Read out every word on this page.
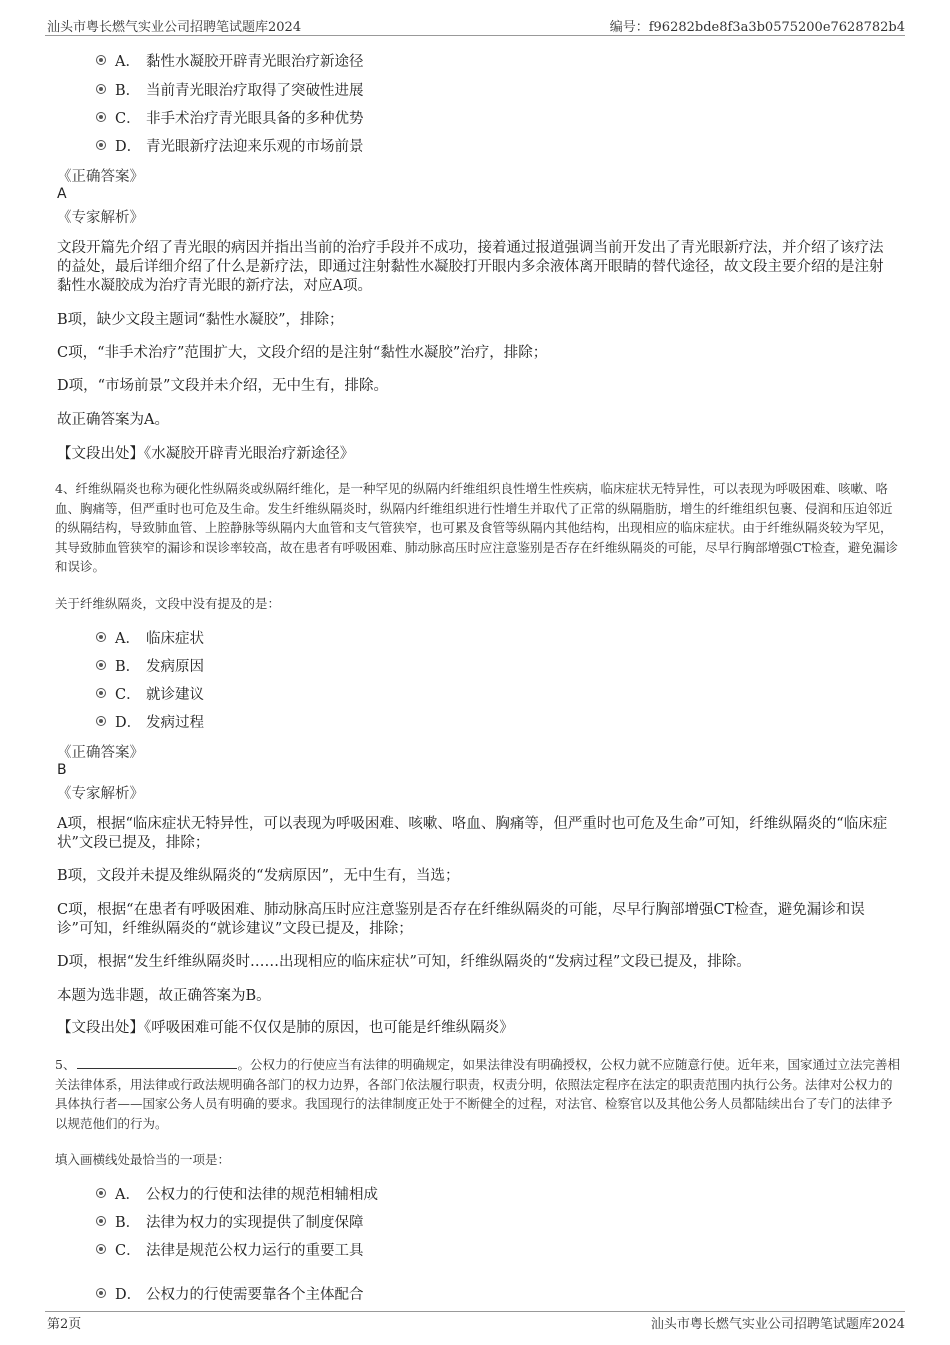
汕头市粤长燃气实业公司招聘笔试题库2024	编号：f96282bde8f3a3b0575200e7628782b4
A． 黏性水凝胶开辟青光眼治疗新途径
B． 当前青光眼治疗取得了突破性进展
C． 非手术治疗青光眼具备的多种优势
D． 青光眼新疗法迎来乐观的市场前景
《正确答案》
A
《专家解析》
文段开篇先介绍了青光眼的病因并指出当前的治疗手段并不成功，接着通过报道强调当前开发出了青光眼新疗法，并介绍了该疗法的益处，最后详细介绍了什么是新疗法，即通过注射黏性水凝胶打开眼内多余液体离开眼睛的替代途径，故文段主要介绍的是注射黏性水凝胶成为治疗青光眼的新疗法，对应A项。
B项，缺少文段主题词“黏性水凝胶”，排除；
C项，“非手术治疗”范围扩大，文段介绍的是注射“黏性水凝胶”治疗，排除；
D项，“市场前景”文段并未介绍，无中生有，排除。
故正确答案为A。
【文段出处】《水凝胶开辟青光眼治疗新途径》
4、纤维纵隔炎也称为硬化性纵隔炎或纵隔纤维化，是一种罕见的纵隔内纤维组织良性增生性疾病，临床症状无特异性，可以表现为呼吸困难、咳嗽、咯血、胸痛等，但严重时也可危及生命。发生纤维纵隔炎时，纵隔内纤维组织进行性增生并取代了正常的纵隔脂肪，增生的纤维组织包裹、侵润和压迫邻近的纵隔结构，导致肺血管、上腔静脉等纵隔内大血管和支气管狭窄，也可累及食管等纵隔内其他结构，出现相应的临床症状。由于纤维纵隔炎较为罕见，其导致肺血管狭窄的漏诊和误诊率较高，故在患者有呼吸困难、肺动脉高压时应注意鉴别是否存在纤维纵隔炎的可能，尽早行胸部增强CT检查，避免漏诊和误诊。
关于纤维纵隔炎，文段中没有提及的是：
A． 临床症状
B． 发病原因
C． 就诊建议
D． 发病过程
《正确答案》
B
《专家解析》
A项，根据“临床症状无特异性，可以表现为呼吸困难、咳嗽、咯血、胸痛等，但严重时也可危及生命”可知，纤维纵隔炎的“临床症状”文段已提及，排除；
B项，文段并未提及维纵隔炎的“发病原因”，无中生有，当选；
C项，根据“在患者有呼吸困难、肺动脉高压时应注意鉴别是否存在纤维纵隔炎的可能，尽早行胸部增强CT检查，避免漏诊和误诊”可知，纤维纵隔炎的“就诊建议”文段已提及，排除；
D项，根据“发生纤维纵隔炎时……出现相应的临床症状”可知，纤维纵隔炎的“发病过程”文段已提及，排除。
本题为选非题，故正确答案为B。
【文段出处】《呼吸困难可能不仅仅是肺的原因，也可能是纤维纵隔炎》
5、	。公权力的行使应当有法律的明确规定，如果法律没有明确授权，公权力就不应随意行使。近年来，国家通过立法完善相关法律体系，用法律或行政法规明确各部门的权力边界，各部门依法履行职责，权责分明，依照法定程序在法定的职责范围内执行公务。法律对公权力的具体执行者——国家公务人员有明确的要求。我国现行的法律制度正处于不断健全的过程，对法官、检察官以及其他公务人员都陆续出台了专门的法律予以规范他们的行为。
填入画横线处最恰当的一项是：
A． 公权力的行使和法律的规范相辅相成
B． 法律为权力的实现提供了制度保障
C． 法律是规范公权力运行的重要工具
D． 公权力的行使需要靠各个主体配合
第2页	汕头市粤长燃气实业公司招聘笔试题库2024
